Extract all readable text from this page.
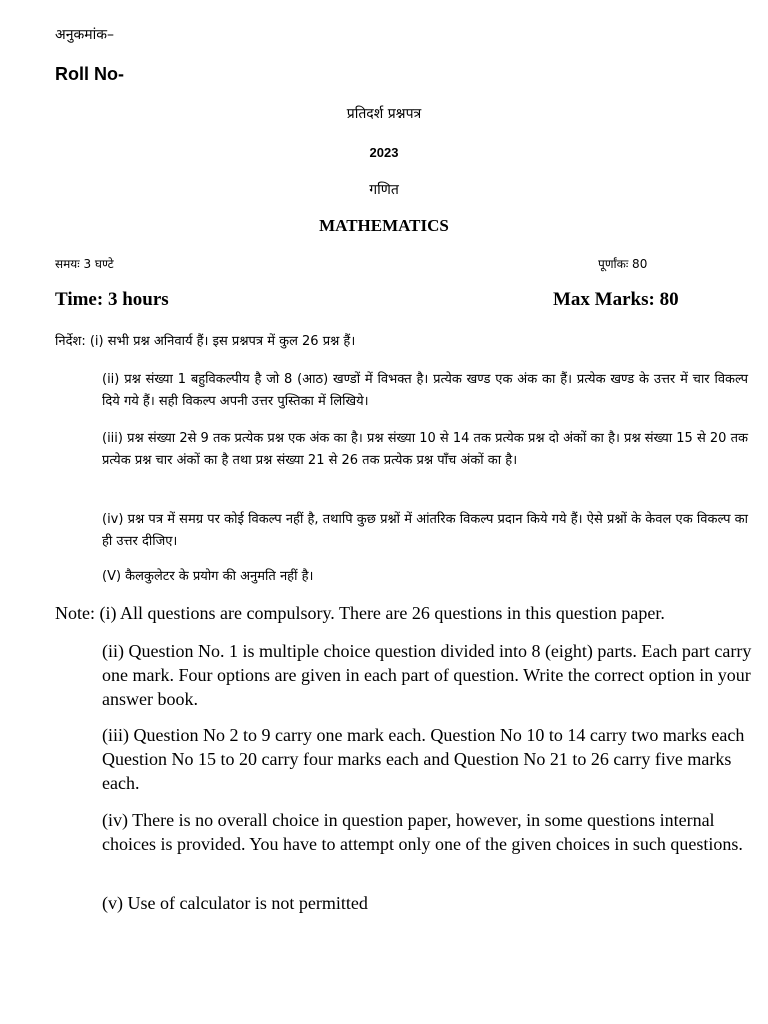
अनुकमांक–
Roll No-
प्रतिदर्श प्रश्नपत्र
2023
गणित
MATHEMATICS
समयः 3 घण्टे	पूर्णांकः 80
Time: 3 hours	Max Marks: 80
निर्देश: (i) सभी प्रश्न अनिवार्य हैं। इस प्रश्नपत्र में कुल 26 प्रश्न हैं।
(ii) प्रश्न संख्या 1 बहुविकल्पीय है जो 8 (आठ) खण्डों में विभक्त है। प्रत्येक खण्ड एक अंक का हैं। प्रत्येक खण्ड के उत्तर में चार विकल्प दिये गये हैं। सही विकल्प अपनी उत्तर पुस्तिका में लिखिये।
(iii) प्रश्न संख्या 2से 9 तक प्रत्येक प्रश्न एक अंक का है। प्रश्न संख्या 10 से 14 तक प्रत्येक प्रश्न दो अंकों का है। प्रश्न संख्या 15 से 20 तक प्रत्येक प्रश्न चार अंकों का है तथा प्रश्न संख्या 21 से 26 तक प्रत्येक प्रश्न पाँच अंकों का है।
(iv) प्रश्न पत्र में समग्र पर कोई विकल्प नहीं है, तथापि कुछ प्रश्नों में आंतरिक विकल्प प्रदान किये गये हैं। ऐसे प्रश्नों के केवल एक विकल्प का ही उत्तर दीजिए।
(V) कैलकुलेटर के प्रयोग की अनुमति नहीं है।
Note: (i) All questions are compulsory. There are 26 questions in this question paper.
(ii) Question No. 1 is multiple choice question divided into 8 (eight) parts. Each part carry one mark. Four options are given in each part of question. Write the correct option in your answer book.
(iii) Question No 2 to 9 carry one mark each. Question No 10 to 14 carry two marks each Question No 15 to 20 carry four marks each and Question No 21 to 26 carry five marks each.
(iv) There is no overall choice in question paper, however, in some questions internal choices is provided. You have to attempt only one of the given choices in such questions.
(v) Use of calculator is not permitted
